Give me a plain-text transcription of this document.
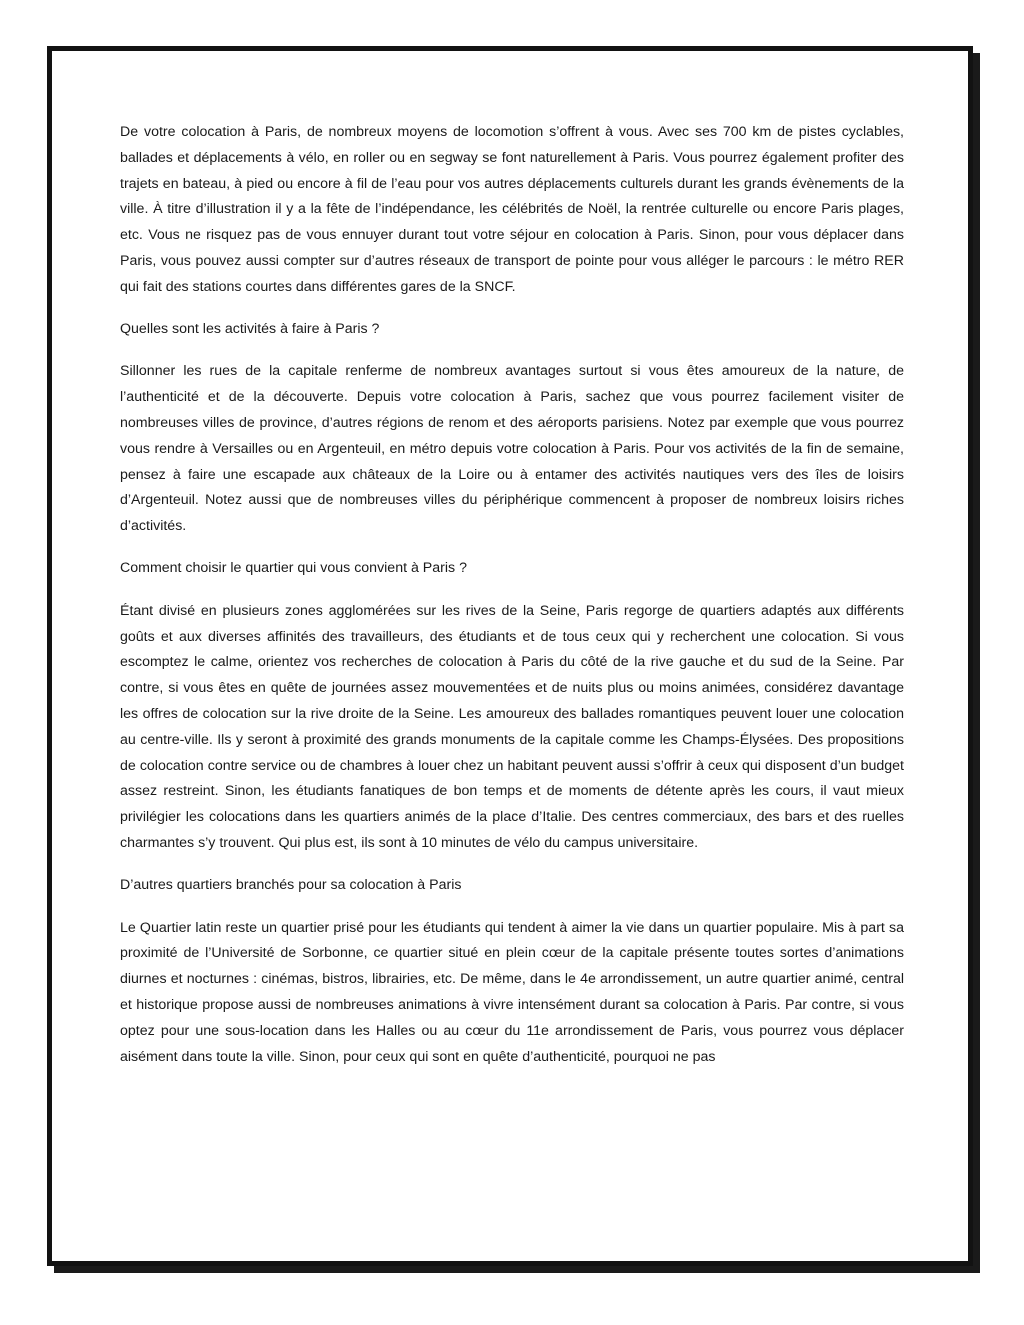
De votre colocation à Paris, de nombreux moyens de locomotion s’offrent à vous. Avec ses 700 km de pistes cyclables, ballades et déplacements à vélo, en roller ou en segway se font naturellement à Paris. Vous pourrez également profiter des trajets en bateau, à pied ou encore à fil de l’eau pour vos autres déplacements culturels durant les grands évènements de la ville. À titre d’illustration il y a la fête de l’indépendance, les célébrités de Noël, la rentrée culturelle ou encore Paris plages, etc. Vous ne risquez pas de vous ennuyer durant tout votre séjour en colocation à Paris. Sinon, pour vous déplacer dans Paris, vous pouvez aussi compter sur d’autres réseaux de transport de pointe pour vous alléger le parcours : le métro RER qui fait des stations courtes dans différentes gares de la SNCF.

Quelles sont les activités à faire à Paris ?

Sillonner les rues de la capitale renferme de nombreux avantages surtout si vous êtes amoureux de la nature, de l’authenticité et de la découverte. Depuis votre colocation à Paris, sachez que vous pourrez facilement visiter de nombreuses villes de province, d’autres régions de renom et des aéroports parisiens. Notez par exemple que vous pourrez vous rendre à Versailles ou en Argenteuil, en métro depuis votre colocation à Paris. Pour vos activités de la fin de semaine, pensez à faire une escapade aux châteaux de la Loire ou à entamer des activités nautiques vers des îles de loisirs d’Argenteuil. Notez aussi que de nombreuses villes du périphérique commencent à proposer de nombreux loisirs riches d’activités.

Comment choisir le quartier qui vous convient à Paris ?

Étant divisé en plusieurs zones agglomérées sur les rives de la Seine, Paris regorge de quartiers adaptés aux différents goûts et aux diverses affinités des travailleurs, des étudiants et de tous ceux qui y recherchent une colocation. Si vous escomptez le calme, orientez vos recherches de colocation à Paris du côté de la rive gauche et du sud de la Seine. Par contre, si vous êtes en quête de journées assez mouvementées et de nuits plus ou moins animées, considérez davantage les offres de colocation sur la rive droite de la Seine. Les amoureux des ballades romantiques peuvent louer une colocation au centre-ville. Ils y seront à proximité des grands monuments de la capitale comme les Champs-Élysées. Des propositions de colocation contre service ou de chambres à louer chez un habitant peuvent aussi s’offrir à ceux qui disposent d’un budget assez restreint. Sinon, les étudiants fanatiques de bon temps et de moments de détente après les cours, il vaut mieux privilégier les colocations dans les quartiers animés de la place d’Italie. Des centres commerciaux, des bars et des ruelles charmantes s’y trouvent. Qui plus est, ils sont à 10 minutes de vélo du campus universitaire.

D’autres quartiers branchés pour sa colocation à Paris

Le Quartier latin reste un quartier prisé pour les étudiants qui tendent à aimer la vie dans un quartier populaire. Mis à part sa proximité de l’Université de Sorbonne, ce quartier situé en plein cœur de la capitale présente toutes sortes d’animations diurnes et nocturnes : cinémas, bistros, librairies, etc. De même, dans le 4e arrondissement, un autre quartier animé, central et historique propose aussi de nombreuses animations à vivre intensément durant sa colocation à Paris. Par contre, si vous optez pour une sous-location dans les Halles ou au cœur du 11e arrondissement de Paris, vous pourrez vous déplacer aisément dans toute la ville. Sinon, pour ceux qui sont en quête d’authenticité, pourquoi ne pas
